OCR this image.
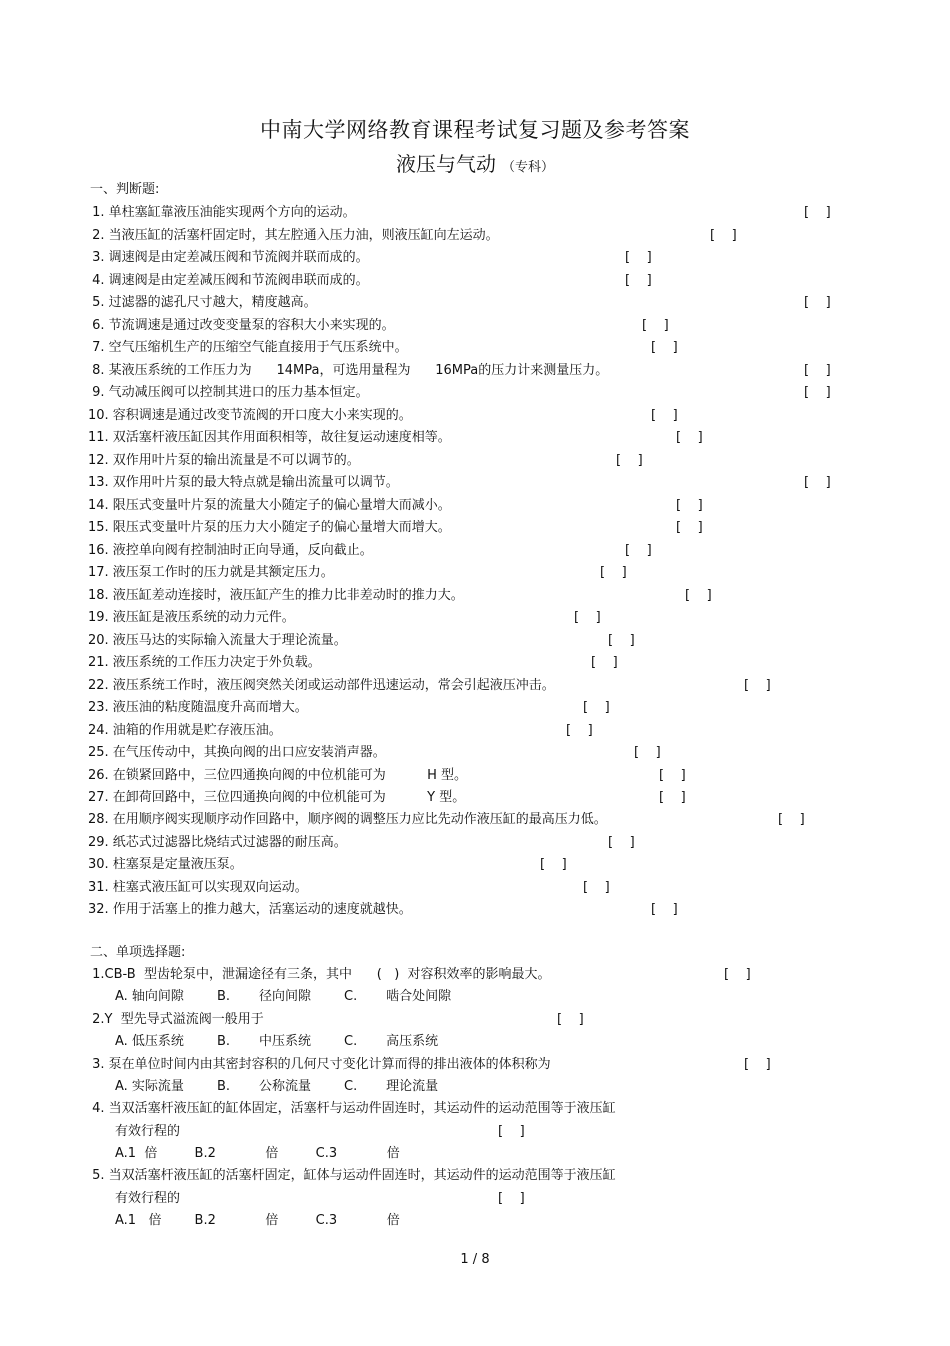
中南大学网络教育课程考试复习题及参考答案
液压与气动 （专科）
一、判断题:
1. 单柱塞缸靠液压油能实现两个方向的运动。	[    ]
2. 当液压缸的活塞杆固定时，其左腔通入压力油，则液压缸向左运动。	[    ]
3. 调速阀是由定差减压阀和节流阀并联而成的。	[    ]
4. 调速阀是由定差减压阀和节流阀串联而成的。	[    ]
5. 过滤器的滤孔尺寸越大，精度越高。	[    ]
6. 节流调速是通过改变变量泵的容积大小来实现的。	[    ]
7. 空气压缩机生产的压缩空气能直接用于气压系统中。	[    ]
8. 某液压系统的工作压力为      14MPa，可选用量程为      16MPa的压力计来测量压力。	[    ]
9. 气动减压阀可以控制其进口的压力基本恒定。	[    ]
10. 容积调速是通过改变节流阀的开口度大小来实现的。	[    ]
11. 双活塞杆液压缸因其作用面积相等，故往复运动速度相等。	[    ]
12. 双作用叶片泵的输出流量是不可以调节的。	[    ]
13. 双作用叶片泵的最大特点就是输出流量可以调节。	[    ]
14. 限压式变量叶片泵的流量大小随定子的偏心量增大而减小。	[    ]
15. 限压式变量叶片泵的压力大小随定子的偏心量增大而增大。	[    ]
16. 液控单向阀有控制油时正向导通，反向截止。	[    ]
17. 液压泵工作时的压力就是其额定压力。	[    ]
18. 液压缸差动连接时，液压缸产生的推力比非差动时的推力大。	[    ]
19. 液压缸是液压系统的动力元件。	[    ]
20. 液压马达的实际输入流量大于理论流量。	[    ]
21. 液压系统的工作压力决定于外负载。	[    ]
22. 液压系统工作时，液压阀突然关闭或运动部件迅速运动，常会引起液压冲击。	[    ]
23. 液压油的粘度随温度升高而增大。	[    ]
24. 油箱的作用就是贮存液压油。	[    ]
25. 在气压传动中，其换向阀的出口应安装消声器。	[    ]
26. 在锁紧回路中，三位四通换向阀的中位机能可为          H 型。	[    ]
27. 在卸荷回路中，三位四通换向阀的中位机能可为          Y 型。	[    ]
28. 在用顺序阀实现顺序动作回路中，顺序阀的调整压力应比先动作液压缸的最高压力低。	[    ]
29. 纸芯式过滤器比烧结式过滤器的耐压高。	[    ]
30. 柱塞泵是定量液压泵。	[    ]
31. 柱塞式液压缸可以实现双向运动。	[    ]
32. 作用于活塞上的推力越大，活塞运动的速度就越快。	[    ]
二、单项选择题:
1.CB-B  型齿轮泵中，泄漏途径有三条，其中      (   )  对容积效率的影响最大。	[    ]
A. 轴向间隙        B.       径向间隙        C.       啮合处间隙
2.Y  型先导式溢流阀一般用于	[    ]
A. 低压系统        B.       中压系统        C.       高压系统
3. 泵在单位时间内由其密封容积的几何尺寸变化计算而得的排出液体的体积称为	[    ]
A. 实际流量        B.       公称流量        C.       理论流量
4. 当双活塞杆液压缸的缸体固定，活塞杆与运动件固连时，其运动件的运动范围等于液压缸
有效行程的	[    ]
A.1  倍         B.2            倍         C.3            倍
5. 当双活塞杆液压缸的活塞杆固定，缸体与运动件固连时，其运动件的运动范围等于液压缸
有效行程的	[    ]
A.1   倍        B.2            倍         C.3            倍
1 / 8
